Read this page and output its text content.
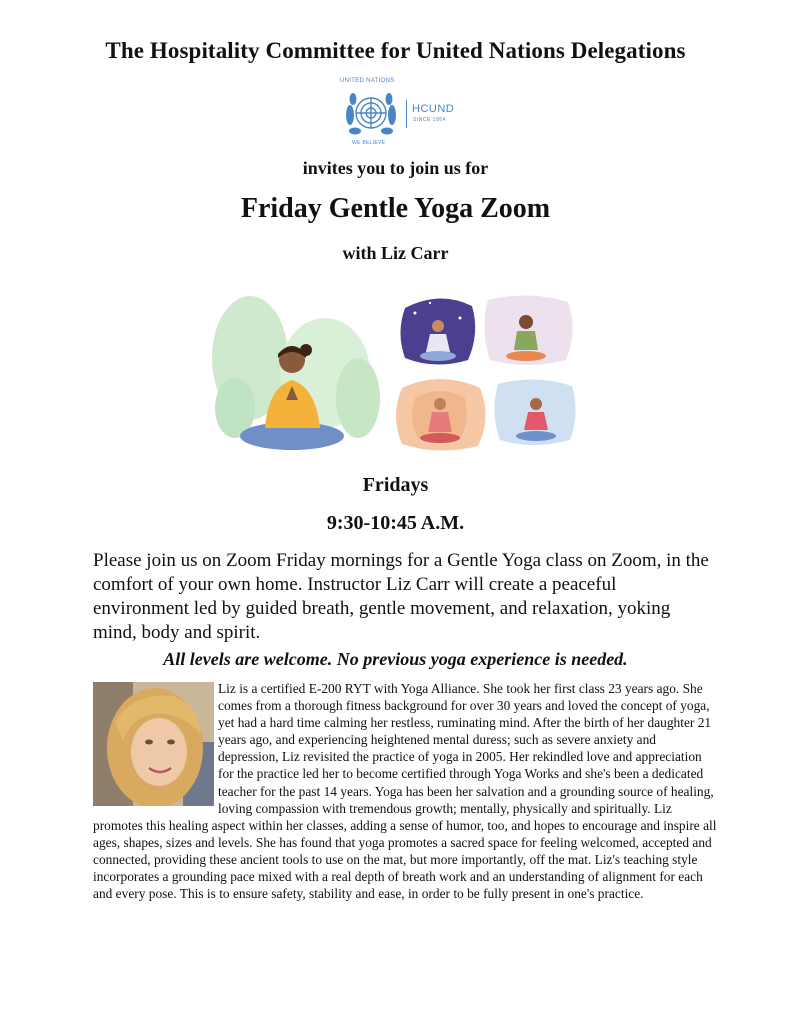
The Hospitality Committee for United Nations Delegations
UNITED NATIONS
WE BELIEVE
HCUND
SINCE 1954
invites you to join us for
Friday Gentle Yoga Zoom
with Liz Carr
Fridays
9:30-10:45 A.M.
Please join us on Zoom Friday mornings for a Gentle Yoga class on Zoom, in the comfort of your own home. Instructor Liz Carr will create a peaceful environment led by guided breath, gentle movement, and relaxation, yoking mind, body and spirit.
All levels are welcome. No previous yoga experience is needed.
Liz is a certified E-200 RYT with Yoga Alliance. She took her first class 23 years ago. She comes from a thorough fitness background for over 30 years and loved the concept of yoga, yet had a hard time calming her restless, ruminating mind. After the birth of her daughter 21 years ago, and experiencing heightened mental duress; such as severe anxiety and depression, Liz revisited the practice of yoga in 2005. Her rekindled love and appreciation for the practice led her to become certified through Yoga Works and she's been a dedicated teacher for the past 14 years. Yoga has been her salvation and a grounding source of healing, loving compassion with tremendous growth; mentally, physically and spiritually. Liz promotes this healing aspect within her classes, adding a sense of humor, too, and hopes to encourage and inspire all ages, shapes, sizes and levels. She has found that yoga promotes a sacred space for feeling welcomed, accepted and connected, providing these ancient tools to use on the mat, but more importantly, off the mat. Liz's teaching style incorporates a grounding pace mixed with a real depth of breath work and an understanding of alignment for each and every pose. This is to ensure safety, stability and ease, in order to be fully present in one's practice.
